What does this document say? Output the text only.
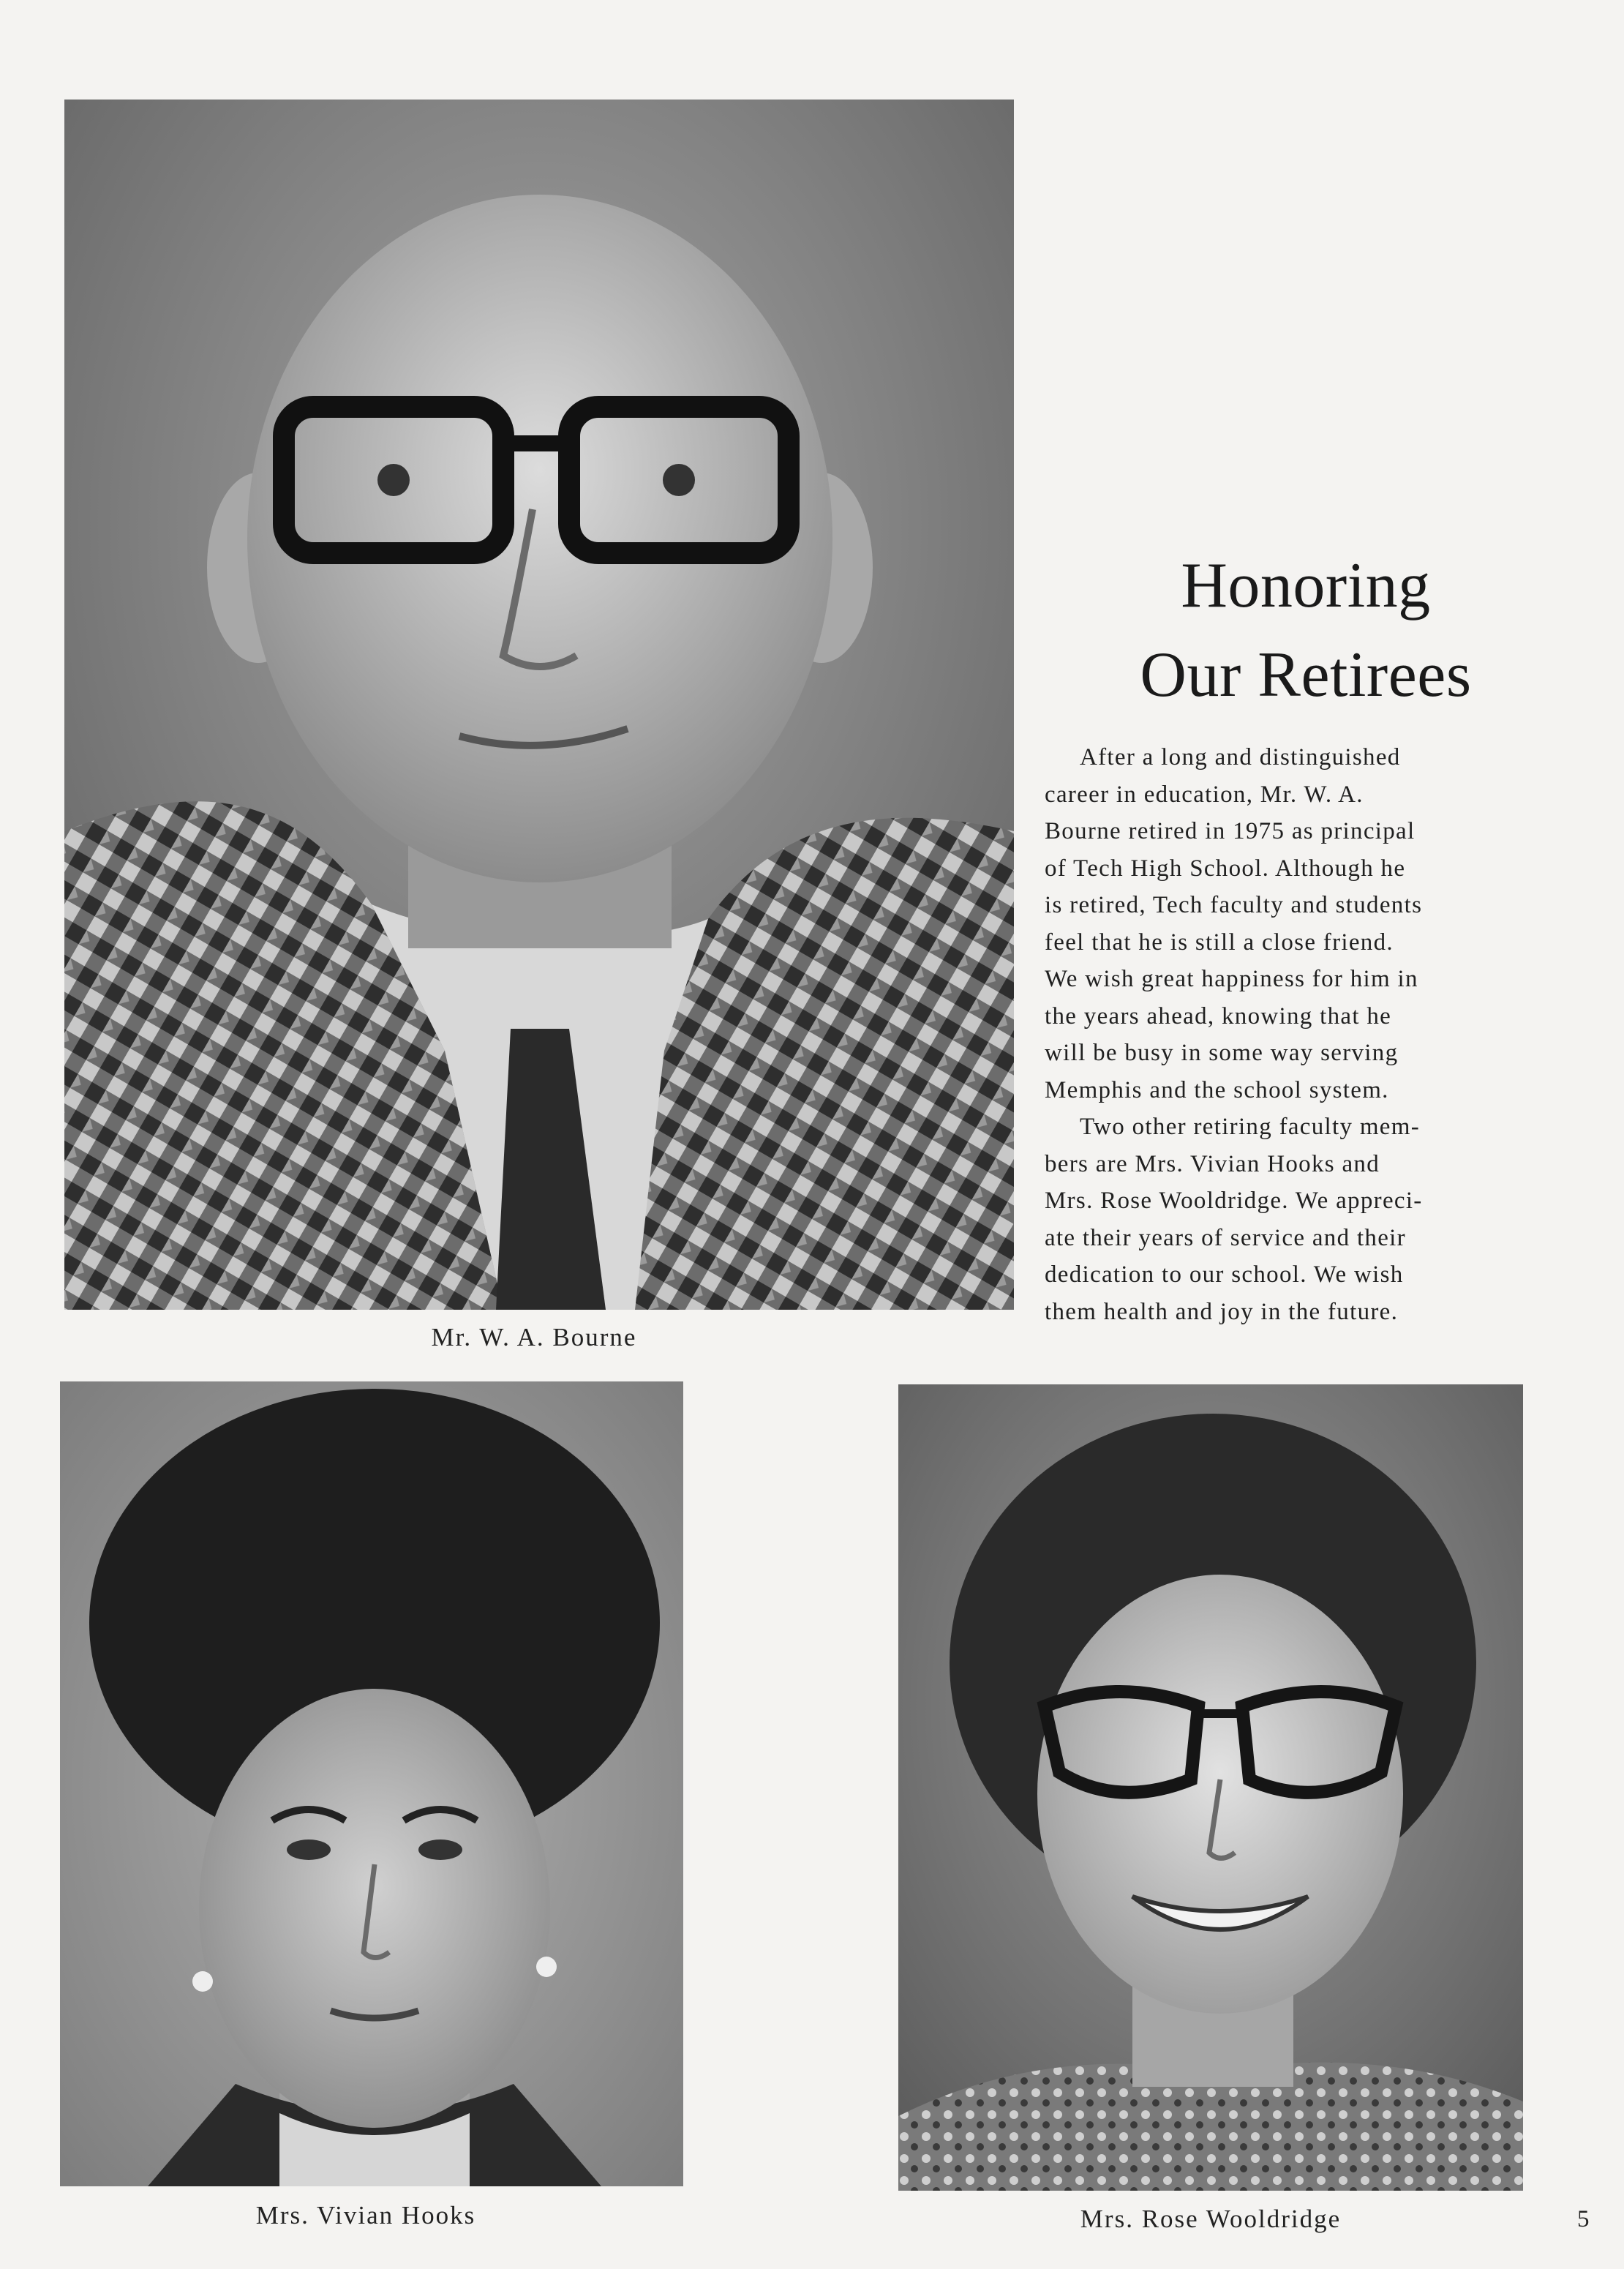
Mr. W. A. Bourne
Honoring
Our Retirees
After a long and distinguished
career in education, Mr. W. A.
Bourne retired in 1975 as principal
of Tech High School. Although he
is retired, Tech faculty and students
feel that he is still a close friend.
We wish great happiness for him in
the years ahead, knowing that he
will be busy in some way serving
Memphis and the school system.
Two other retiring faculty mem-
bers are Mrs. Vivian Hooks and
Mrs. Rose Wooldridge. We appreci-
ate their years of service and their
dedication to our school. We wish
them health and joy in the future.
Mrs. Vivian Hooks	Mrs. Rose Wooldridge	5
